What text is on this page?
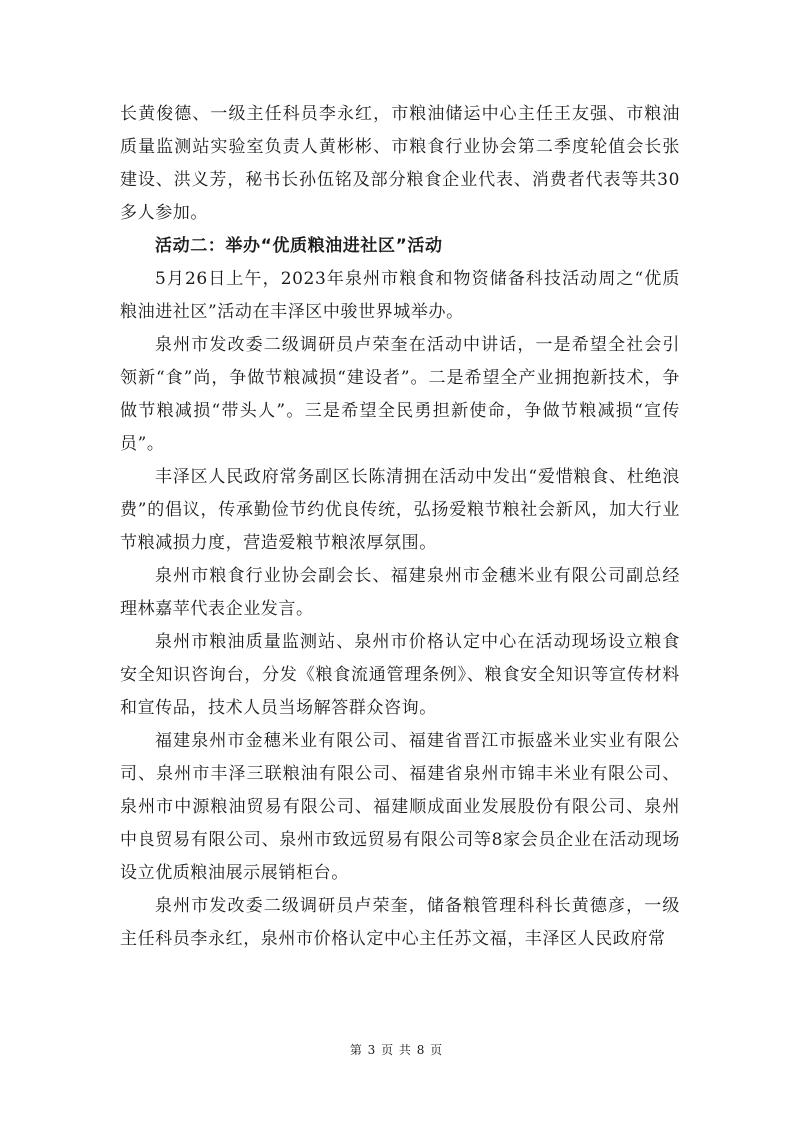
长黄俊德、一级主任科员李永红，市粮油储运中心主任王友强、市粮油质量监测站实验室负责人黄彬彬、市粮食行业协会第二季度轮值会长张建设、洪义芳，秘书长孙伍铭及部分粮食企业代表、消费者代表等共30多人参加。

活动二：举办“优质粮油进社区”活动

5月26日上午，2023年泉州市粮食和物资储备科技活动周之“优质粮油进社区”活动在丰泽区中骏世界城举办。

泉州市发改委二级调研员卢荣奎在活动中讲话，一是希望全社会引领新“食”尚，争做节粮减损“建设者”。二是希望全产业拥抱新技术，争做节粮减损“带头人”。三是希望全民勇担新使命，争做节粮减损“宣传员”。

丰泽区人民政府常务副区长陈清拥在活动中发出“爱惜粮食、杜绝浪费”的倡议，传承勤俭节约优良传统，弘扬爱粮节粮社会新风，加大行业节粮减损力度，营造爱粮节粮浓厚氛围。

泉州市粮食行业协会副会长、福建泉州市金穗米业有限公司副总经理林嘉苹代表企业发言。

泉州市粮油质量监测站、泉州市价格认定中心在活动现场设立粮食安全知识咨询台，分发《粮食流通管理条例》、粮食安全知识等宣传材料和宣传品，技术人员当场解答群众咨询。

福建泉州市金穗米业有限公司、福建省晋江市振盛米业实业有限公司、泉州市丰泽三联粮油有限公司、福建省泉州市锦丰米业有限公司、泉州市中源粮油贸易有限公司、福建顺成面业发展股份有限公司、泉州中良贸易有限公司、泉州市致远贸易有限公司等8家会员企业在活动现场设立优质粮油展示展销柜台。

泉州市发改委二级调研员卢荣奎，储备粮管理科科长黄德彦，一级主任科员李永红，泉州市价格认定中心主任苏文福，丰泽区人民政府常

第 3 页 共 8 页
